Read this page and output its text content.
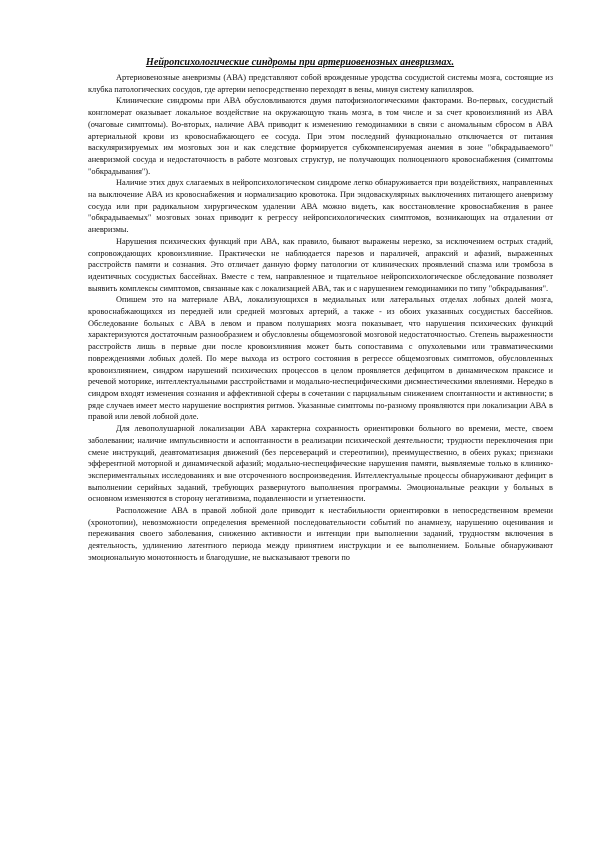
Нейропсихологические синдромы при артериовенозных аневризмах.

Артериовенозные аневризмы (АВА) представляют собой врожденные уродства сосудистой системы мозга, состоящие из клубка патологических сосудов, где артерии непосредственно переходят в вены, минуя систему капилляров.

Клинические синдромы при АВА обусловливаются двумя патофизиологическими факторами. Во-первых, сосудистый конгломерат оказывает локальное воздействие на окружающую ткань мозга, в том числе и за счет кровоизлияний из АВА (очаговые симптомы). Во-вторых, наличие АВА приводит к изменению гемодинамики в связи с аномальным сбросом в АВА артериальной крови из кровоснабжающего ее сосуда. При этом последний функционально отключается от питания васкуляризируемых им мозговых зон и как следствие формируется субкомпенсируемая анемия в зоне "обкрадываемого" аневризмой сосуда и недостаточность в работе мозговых структур, не получающих полноценного кровоснабжения (симптомы "обкрадывания").

Наличие этих двух слагаемых в нейропсихологическом синдроме легко обнаруживается при воздействиях, направленных на выключение АВА из кровоснабжения и нормализацию кровотока. При эндоваскулярных выключениях питающего аневризму сосуда или при радикальном хирургическом удалении АВА можно видеть, как восстановление кровоснабжения в ранее "обкрадываемых" мозговых зонах приводит к регрессу нейропсихологических симптомов, возникающих на отдалении от аневризмы.

Нарушения психических функций при АВА, как правило, бывают выражены нерезко, за исключением острых стадий, сопровождающих кровоизлияние. Практически не наблюдается парезов и параличей, апраксий и афазий, выраженных расстройств памяти и сознания. Это отличает данную форму патологии от клинических проявлений спазма или тромбоза в идентичных сосудистых бассейнах. Вместе с тем, направленное и тщательное нейропсихологическое обследование позволяет выявить комплексы симптомов, связанные как с локализацией АВА, так и с нарушением гемодинамики по типу "обкрадывания".

Опишем это на материале АВА, локализующихся в медиальных или латеральных отделах лобных долей мозга, кровоснабжающихся из передней или средней мозговых артерий, а также - из обоих указанных сосудистых бассейнов. Обследование больных с АВА в левом и правом полушариях мозга показывает, что нарушения психических функций характеризуются достаточным разнообразием и обусловлены общемозговой мозговой недостаточностью. Степень выраженности расстройств лишь в первые дни после кровоизлияния может быть сопоставима с опухолевыми или травматическими повреждениями лобных долей. По мере выхода из острого состояния в регрессе общемозговых симптомов, обусловленных кровоизлиянием, синдром нарушений психических процессов в целом проявляется дефицитом в динамическом праксисе и речевой моторике, интеллектуальными расстройствами и модально-неспецифическими дисмнестическими явлениями. Нередко в синдром входят изменения сознания и аффективной сферы в сочетании с парциальным снижением спонтанности и активности; в ряде случаев имеет место нарушение восприятия ритмов. Указанные симптомы по-разному проявляются при локализации АВА в правой или левой лобной доле.

Для левополушарной локализации АВА характерна сохранность ориентировки больного во времени, месте, своем заболевании; наличие импульсивности и аспонтанности в реализации психической деятельности; трудности переключения при смене инструкций, деавтоматизация движений (без персевераций и стереотипии), преимущественно, в обеих руках; признаки эфферентной моторной и динамической афазий; модально-неспецифические нарушения памяти, выявляемые только в клинико-экспериментальных исследованиях и вне отсроченного воспроизведения. Интеллектуальные процессы обнаруживают дефицит в выполнении серийных заданий, требующих развернутого выполнения программы. Эмоциональные реакции у больных в основном изменяются в сторону негативизма, подавленности и угнетенности.

Расположение АВА в правой лобной доле приводит к нестабильности ориентировки в непосредственном времени (хронотопии), невозможности определения временной последовательности событий по анамнезу, нарушению оценивания и переживания своего заболевания, снижению активности и интенции при выполнении заданий, трудностям включения в деятельность, удлинению латентного периода между принятием инструкции и ее выполнением. Больные обнаруживают эмоциональную монотонность и благодушие, не высказывают тревоги по
